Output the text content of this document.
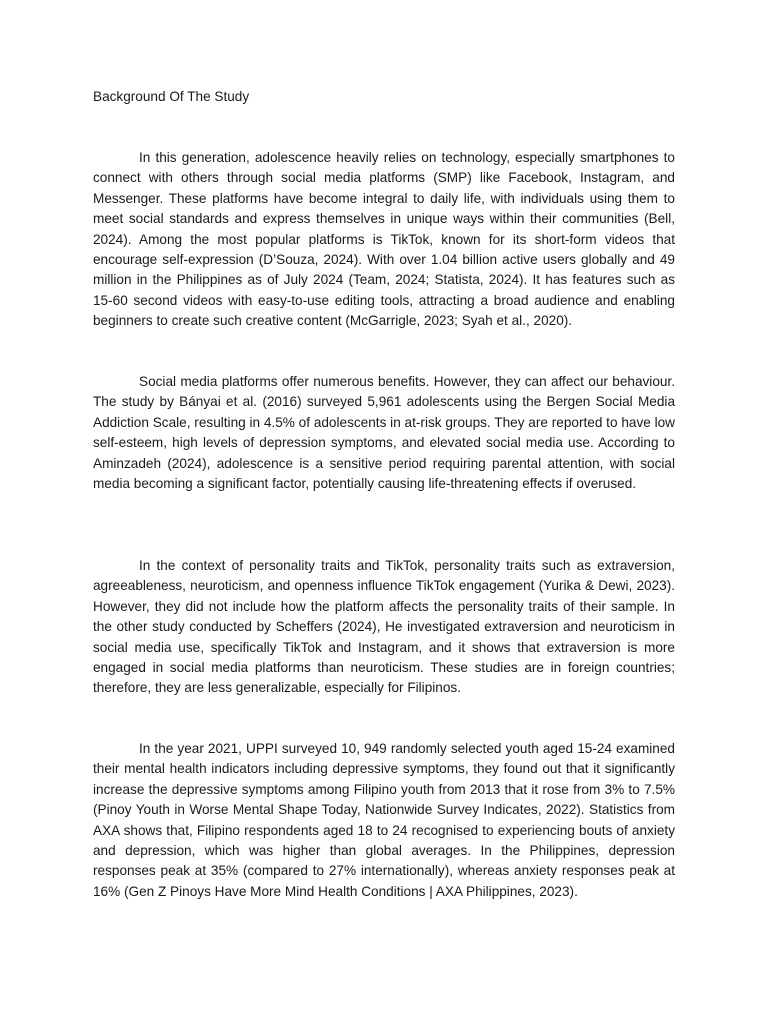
Background Of The Study

In this generation, adolescence heavily relies on technology, especially smartphones to connect with others through social media platforms (SMP) like Facebook, Instagram, and Messenger. These platforms have become integral to daily life, with individuals using them to meet social standards and express themselves in unique ways within their communities (Bell, 2024). Among the most popular platforms is TikTok, known for its short-form videos that encourage self-expression (D’Souza, 2024). With over 1.04 billion active users globally and 49 million in the Philippines as of July 2024 (Team, 2024; Statista, 2024). It has features such as 15-60 second videos with easy-to-use editing tools, attracting a broad audience and enabling beginners to create such creative content (McGarrigle, 2023; Syah et al., 2020).

Social media platforms offer numerous benefits. However, they can affect our behaviour. The study by Bányai et al. (2016) surveyed 5,961 adolescents using the Bergen Social Media Addiction Scale, resulting in 4.5% of adolescents in at-risk groups. They are reported to have low self-esteem, high levels of depression symptoms, and elevated social media use. According to Aminzadeh (2024), adolescence is a sensitive period requiring parental attention, with social media becoming a significant factor, potentially causing life-threatening effects if overused.

In the context of personality traits and TikTok, personality traits such as extraversion, agreeableness, neuroticism, and openness influence TikTok engagement (Yurika & Dewi, 2023). However, they did not include how the platform affects the personality traits of their sample. In the other study conducted by Scheffers (2024), He investigated extraversion and neuroticism in social media use, specifically TikTok and Instagram, and it shows that extraversion is more engaged in social media platforms than neuroticism. These studies are in foreign countries; therefore, they are less generalizable, especially for Filipinos.

In the year 2021, UPPI surveyed 10, 949 randomly selected youth aged 15-24 examined their mental health indicators including depressive symptoms, they found out that it significantly increase the depressive symptoms among Filipino youth from 2013 that it rose from 3% to 7.5% (Pinoy Youth in Worse Mental Shape Today, Nationwide Survey Indicates, 2022). Statistics from AXA shows that, Filipino respondents aged 18 to 24 recognised to experiencing bouts of anxiety and depression, which was higher than global averages. In the Philippines, depression responses peak at 35% (compared to 27% internationally), whereas anxiety responses peak at 16% (Gen Z Pinoys Have More Mind Health Conditions | AXA Philippines, 2023).
